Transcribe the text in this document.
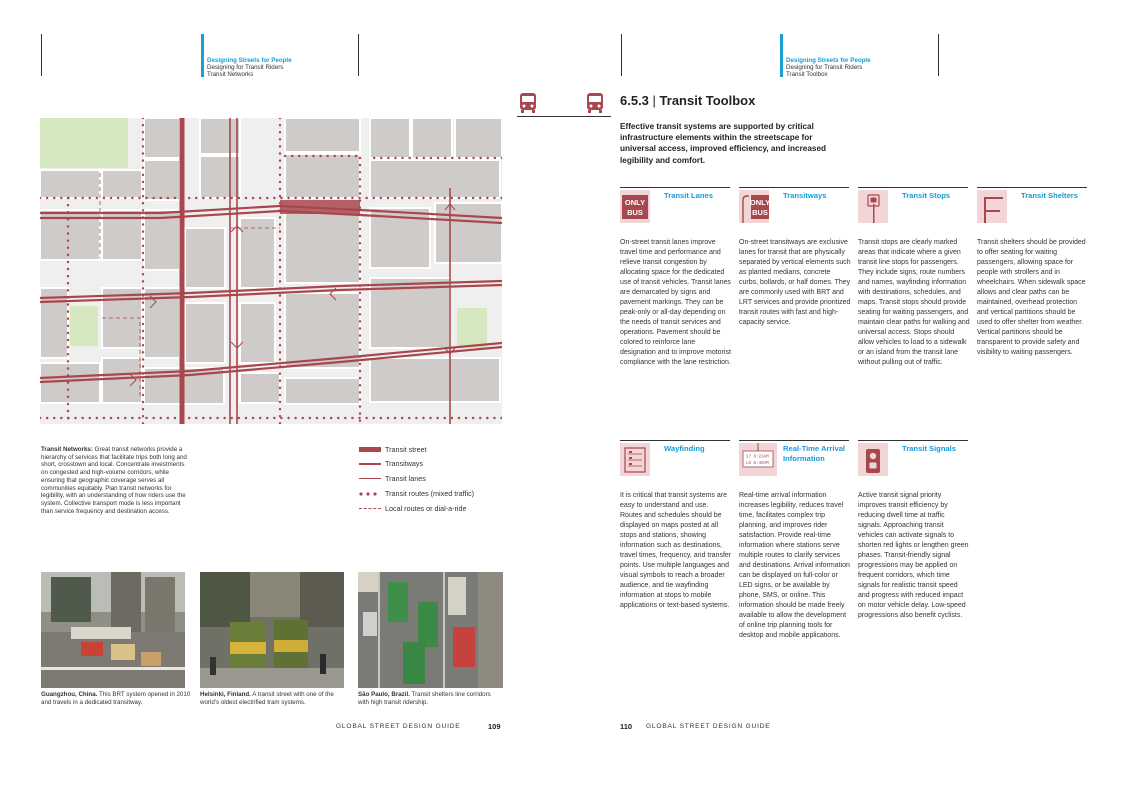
Designing Streets for People
Designing for Transit Riders
Transit Networks
Designing Streets for People
Designing for Transit Riders
Transit Toolbox
Transit street
Transitways
Transit lanes
Transit routes (mixed traffic)
Local routes or dial-a-ride
Transit Networks: Great transit networks provide a hierarchy of services that facilitate trips both long and short, crosstown and local. Concentrate investments on congested and high-volume corridors, while ensuring that geographic coverage serves all communities equitably. Plan transit networks for legibility, with an understanding of how riders use the system. Collective transport mode is less important than service frequency and destination access.
Guangzhou, China. This BRT system opened in 2010 and travels in a dedicated transitway.
Helsinki, Finland. A transit street with one of the world's oldest electrified tram systems.
São Paulo, Brazil. Transit shelters line corridors with high transit ridership.
GLOBAL STREET DESIGN GUIDE	109	110 GLOBAL STREET DESIGN GUIDE
6.5.3 | Transit Toolbox
Effective transit systems are supported by critical infrastructure elements within the streetscape for universal access, improved efficiency, and increased legibility and comfort.
ONLY
BUS
Transit Lanes
On-street transit lanes improve travel time and performance and relieve transit congestion by allocating space for the dedicated use of transit vehicles. Transit lanes are demarcated by signs and pavement markings. They can be peak-only or all-day depending on the needs of transit services and operations. Pavement should be colored to reinforce lane designation and to improve motorist compliance with the lane restriction.
ONLY
BUS
Transitways
On-street transitways are exclusive lanes for transit that are physically separated by vertical elements such as planted medians, concrete curbs, bollards, or half domes. They are commonly used with BRT and LRT services and provide prioritized transit routes with fast and high-capacity service.
Transit Stops
Transit stops are clearly marked areas that indicate where a given transit line stops for passengers. They include signs, route numbers and names, wayfinding information with destinations, schedules, and maps. Transit stops should provide seating for waiting passengers, and maintain clear paths for walking and universal access. Stops should allow vehicles to load to a sidewalk or an island from the transit lane without pulling out of traffic.
Transit Shelters
Transit shelters should be provided to offer seating for waiting passengers, allowing space for people with strollers and in wheelchairs. When sidewalk space allows and clear paths can be maintained, overhead protection and vertical partitions should be used to offer shelter from weather. Vertical partitions should be transparent to provide safety and visibility to waiting passengers.
Wayfinding
It is critical that transit systems are easy to understand and use. Routes and schedules should be displayed on maps posted at all stops and stations, showing information such as destinations, travel times, frequency, and transfer points. Use multiple languages and visual symbols to reach a broader audience, and tie wayfinding information at stops to mobile applications or text-based systems.
17 8:23AM
L8 8:40AM
Real-Time Arrival Information
Real-time arrival information increases legibility, reduces travel time, facilitates complex trip planning, and improves rider satisfaction. Provide real-time information where stations serve multiple routes to clarify services and destinations. Arrival information can be displayed on full-color or LED signs, or be available by phone, SMS, or online. This information should be made freely available to allow the development of online trip planning tools for desktop and mobile applications.
Transit Signals
Active transit signal priority improves transit efficiency by reducing dwell time at traffic signals. Approaching transit vehicles can activate signals to shorten red lights or lengthen green phases. Transit-friendly signal progressions may be applied on frequent corridors, which time signals for realistic transit speed and progress with reduced impact on motor vehicle delay. Low-speed progressions also benefit cyclists.
